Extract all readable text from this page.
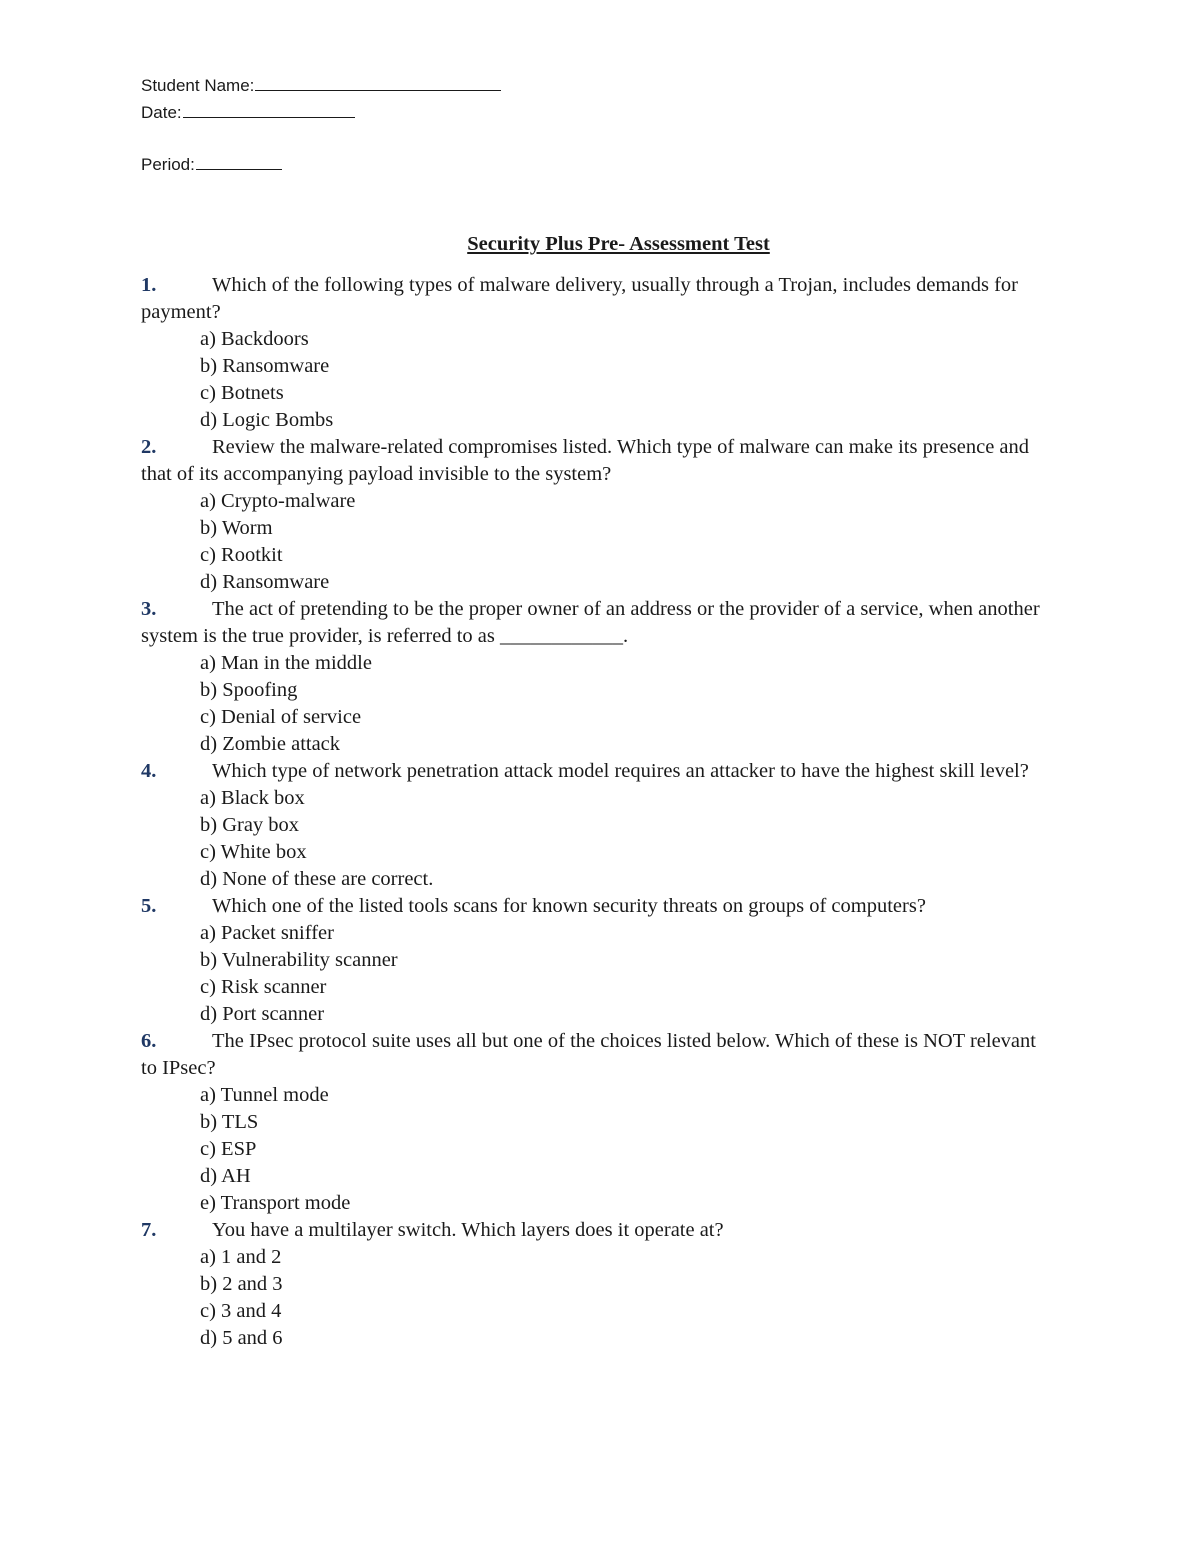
Student Name:
Date:
Period:
Security Plus Pre- Assessment Test

1.	Which of the following types of malware delivery, usually through a Trojan, includes demands for payment?

a) Backdoors
b) Ransomware
c) Botnets
d) Logic Bombs

2.	Review the malware-related compromises listed. Which type of malware can make its presence and that of its accompanying payload invisible to the system?

a) Crypto-malware
b) Worm
c) Rootkit
d) Ransomware

3.	The act of pretending to be the proper owner of an address or the provider of a service, when another system is the true provider, is referred to as ____________.

a) Man in the middle
b) Spoofing
c) Denial of service
d) Zombie attack

4.	Which type of network penetration attack model requires an attacker to have the highest skill level?

a) Black box
b) Gray box
c) White box
d) None of these are correct.

5.	Which one of the listed tools scans for known security threats on groups of computers?

a) Packet sniffer
b) Vulnerability scanner
c) Risk scanner
d) Port scanner

6.	The IPsec protocol suite uses all but one of the choices listed below. Which of these is NOT relevant to IPsec?

a) Tunnel mode
b) TLS
c) ESP
d) AH
e) Transport mode

7.	You have a multilayer switch. Which layers does it operate at?

a) 1 and 2
b) 2 and 3
c) 3 and 4
d) 5 and 6
